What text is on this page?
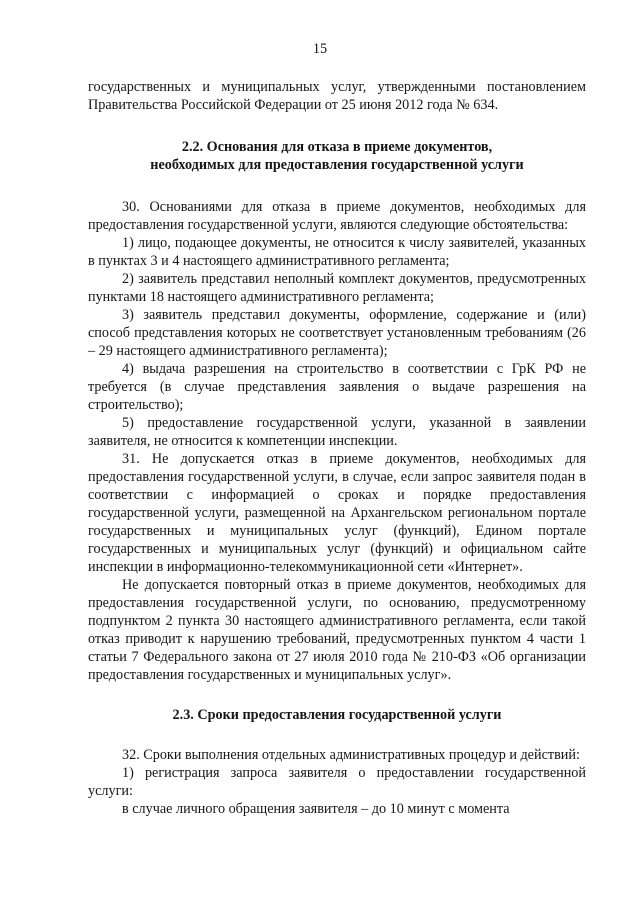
15

государственных и муниципальных услуг, утвержденными постановлением Правительства Российской Федерации от 25 июня 2012 года № 634.

2.2. Основания для отказа в приеме документов,
необходимых для предоставления государственной услуги

30. Основаниями для отказа в приеме документов, необходимых для предоставления государственной услуги, являются следующие обстоятельства:

1) лицо, подающее документы, не относится к числу заявителей, указанных в пунктах 3 и 4 настоящего административного регламента;

2) заявитель представил неполный комплект документов, предусмотренных пунктами 18 настоящего административного регламента;

3) заявитель представил документы, оформление, содержание и (или) способ представления которых не соответствует установленным требованиям (26 – 29 настоящего административного регламента);

4) выдача разрешения на строительство в соответствии с ГрК РФ не требуется (в случае представления заявления о выдаче разрешения на строительство);

5) предоставление государственной услуги, указанной в заявлении заявителя, не относится к компетенции инспекции.

31. Не допускается отказ в приеме документов, необходимых для предоставления государственной услуги, в случае, если запрос заявителя подан в соответствии с информацией о сроках и порядке предоставления государственной услуги, размещенной на Архангельском региональном портале государственных и муниципальных услуг (функций), Едином портале государственных и муниципальных услуг (функций) и официальном сайте инспекции в информационно-телекоммуникационной сети «Интернет».

Не допускается повторный отказ в приеме документов, необходимых для предоставления государственной услуги, по основанию, предусмотренному подпунктом 2 пункта 30 настоящего административного регламента, если такой отказ приводит к нарушению требований, предусмотренных пунктом 4 части 1 статьи 7 Федерального закона от 27 июля 2010 года № 210-ФЗ «Об организации предоставления государственных и муниципальных услуг».

2.3. Сроки предоставления государственной услуги

32. Сроки выполнения отдельных административных процедур и действий:

1) регистрация запроса заявителя о предоставлении государственной услуги:

в случае личного обращения заявителя – до 10 минут с момента
